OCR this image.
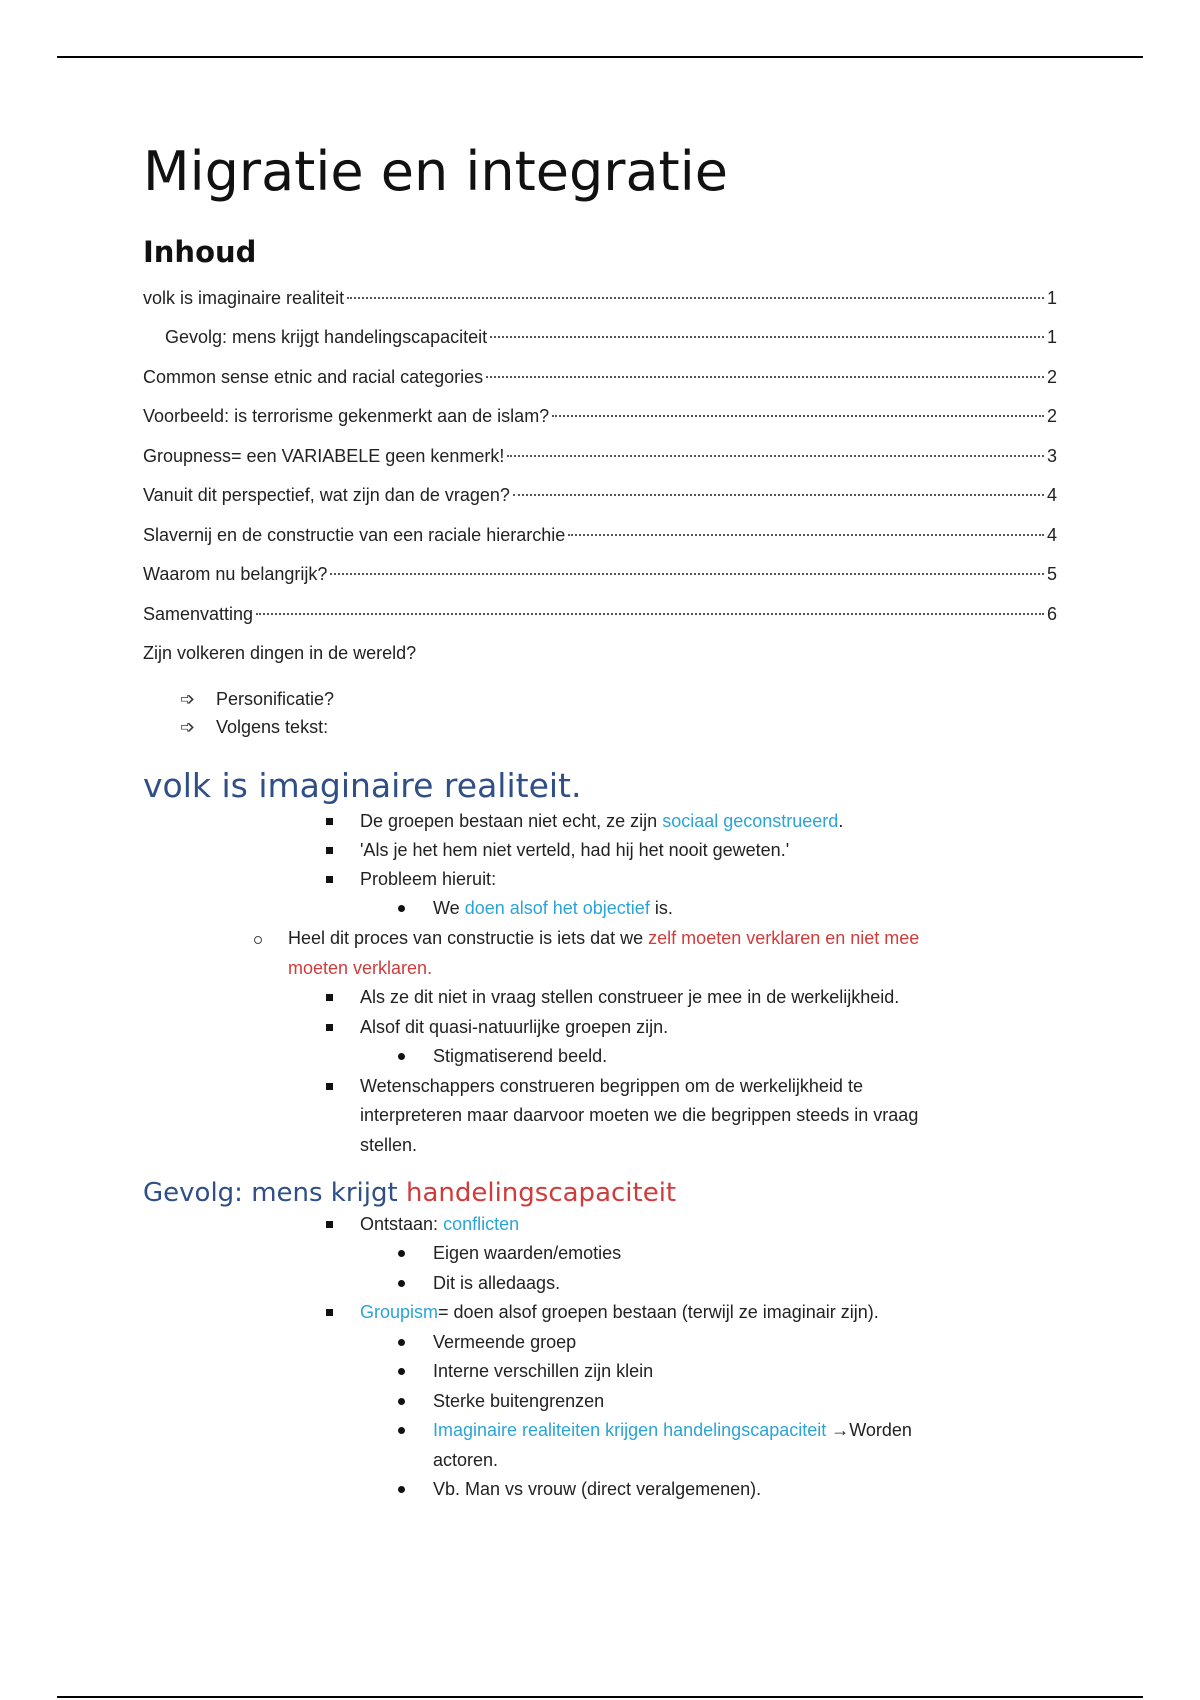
Migratie en integratie
Inhoud
volk is imaginaire realiteit	1
Gevolg: mens krijgt handelingscapaciteit	1
Common sense etnic and racial categories	2
Voorbeeld: is terrorisme gekenmerkt aan de islam?	2
Groupness= een VARIABELE geen kenmerk!	3
Vanuit dit perspectief, wat zijn dan de vragen?	4
Slavernij en de constructie van een raciale hierarchie	4
Waarom nu belangrijk?	5
Samenvatting	6
Zijn volkeren dingen in de wereld?
➩ Personificatie?
➩ Volgens tekst:
volk is imaginaire realiteit.
De groepen bestaan niet echt, ze zijn sociaal geconstrueerd.
'Als je het hem niet verteld, had hij het nooit geweten.'
Probleem hieruit:
We doen alsof het objectief is.
Heel dit proces van constructie is iets dat we zelf moeten verklaren en niet mee
moeten verklaren.
Als ze dit niet in vraag stellen construeer je mee in de werkelijkheid.
Alsof dit quasi-natuurlijke groepen zijn.
Stigmatiserend beeld.
Wetenschappers construeren begrippen om de werkelijkheid te
interpreteren maar daarvoor moeten we die begrippen steeds in vraag
stellen.
Gevolg: mens krijgt handelingscapaciteit
Ontstaan: conflicten
Eigen waarden/emoties
Dit is alledaags.
Groupism= doen alsof groepen bestaan (terwijl ze imaginair zijn).
Vermeende groep
Interne verschillen zijn klein
Sterke buitengrenzen
Imaginaire realiteiten krijgen handelingscapaciteit →Worden
actoren.
Vb. Man vs vrouw (direct veralgemenen).
